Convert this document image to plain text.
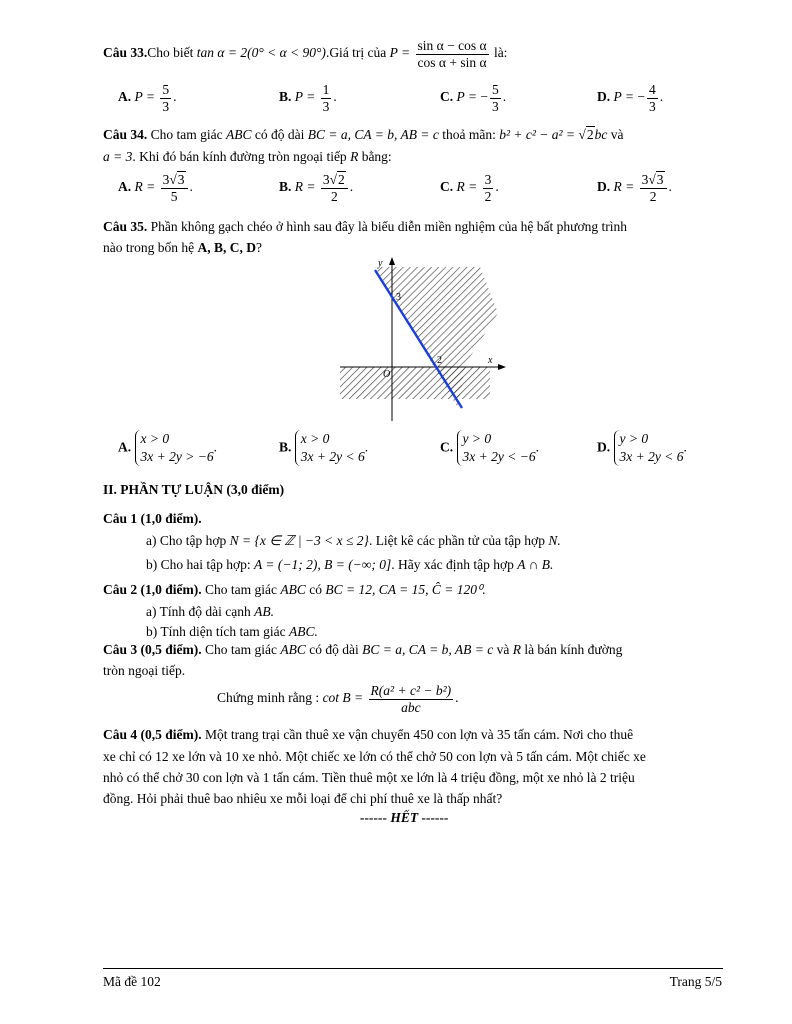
Câu 33.Cho biết tan α = 2(0° < α < 90°).Giá trị của $P = \frac{\text{sin α − cos α}}{\text{cos α + sin α}}$ là:
A. $P = \frac{5}{3}$ .	B. $P = \frac{1}{3}$ .	C. P = − $\frac{5}{3}$ .	D. P = − $\frac{4}{3}$ .
Câu 34. Cho tam giác ABC có độ dài BC = a, CA = b, AB = c thoả mãn: b² + c² − a² = √2bc và
a = 3. Khi đó bán kính đường tròn ngoại tiếp R bằng:
A. $R = \frac{3√3}{5}$ .	B. $R = \frac{3√2}{2}$ .	C. $R = \frac{3}{2}$ .	D. $R = \frac{3√3}{2}$ .
Câu 35. Phần không gạch chéo ở hình sau đây là biểu diễn miền nghiệm của hệ bất phương trình
nào trong bốn hệ A, B, C, D?
y
x
O
3
2
A. x > 0
3x + 2y > −6.	B. x > 0
3x + 2y < 6.	C. y > 0
3x + 2y < −6.	D. y > 0
3x + 2y < 6.
II. PHẦN TỰ LUẬN (3,0 điểm)
Câu 1 (1,0 điểm).
a) Cho tập hợp N = {x ∈ ℤ | −3 < x ≤ 2}. Liệt kê các phần tử của tập hợp N.
b) Cho hai tập hợp: A = (−1; 2), B = (−∞; 0]. Hãy xác định tập hợp A ∩ B.
Câu 2 (1,0 điểm). Cho tam giác ABC có BC = 12, CA = 15, Ĉ = 120⁰.
a) Tính độ dài cạnh AB.
b) Tính diện tích tam giác ABC.
Câu 3 (0,5 điểm). Cho tam giác ABC có độ dài BC = a, CA = b, AB = c và R là bán kính đường
tròn ngoại tiếp.
Chứng minh rằng : $\cot B = \frac{\text{R(a² + c² − b²)}}{\text{abc}}$ .
Câu 4 (0,5 điểm). Một trang trại cần thuê xe vận chuyển 450 con lợn và 35 tấn cám. Nơi cho thuê
xe chỉ có 12 xe lớn và 10 xe nhỏ. Một chiếc xe lớn có thể chở 50 con lợn và 5 tấn cám. Một chiếc xe
nhỏ có thể chở 30 con lợn và 1 tấn cám. Tiền thuê một xe lớn là 4 triệu đồng, một xe nhỏ là 2 triệu
đồng. Hỏi phải thuê bao nhiêu xe mỗi loại để chi phí thuê xe là thấp nhất?
------ HẾT ------
Mã đề 102	Trang 5/5
